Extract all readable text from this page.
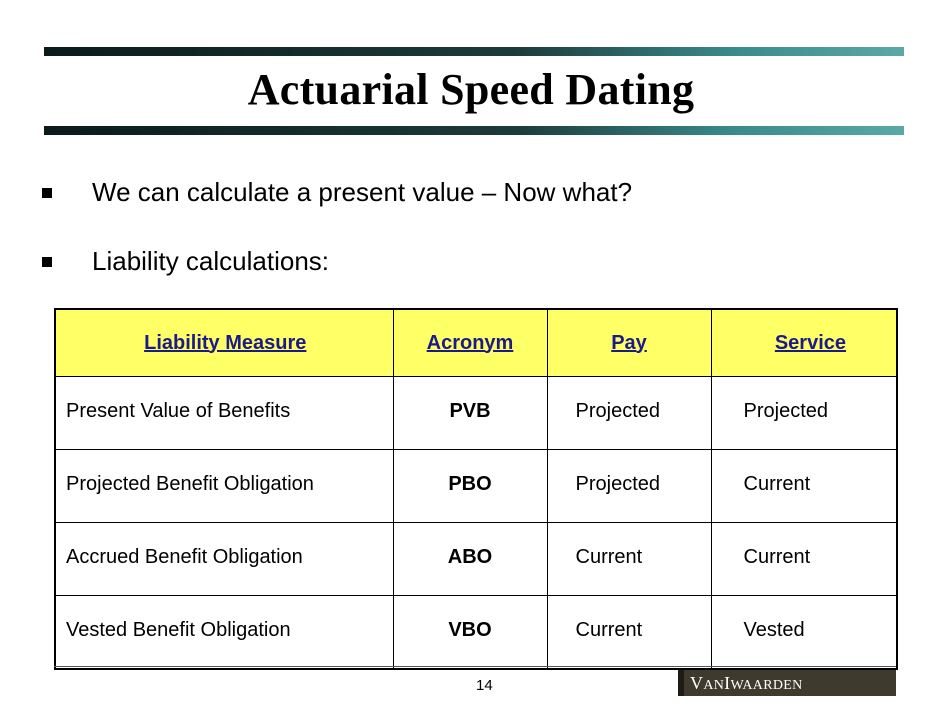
Actuarial Speed Dating
We can calculate a present value – Now what?
Liability calculations:
Liability Measure	Acronym	Pay	Service
Present Value of Benefits	PVB	Projected	Projected
Projected Benefit Obligation	PBO	Projected	Current
Accrued Benefit Obligation	ABO	Current	Current
Vested Benefit Obligation	VBO	Current	Vested
14	VANIWAARDEN
